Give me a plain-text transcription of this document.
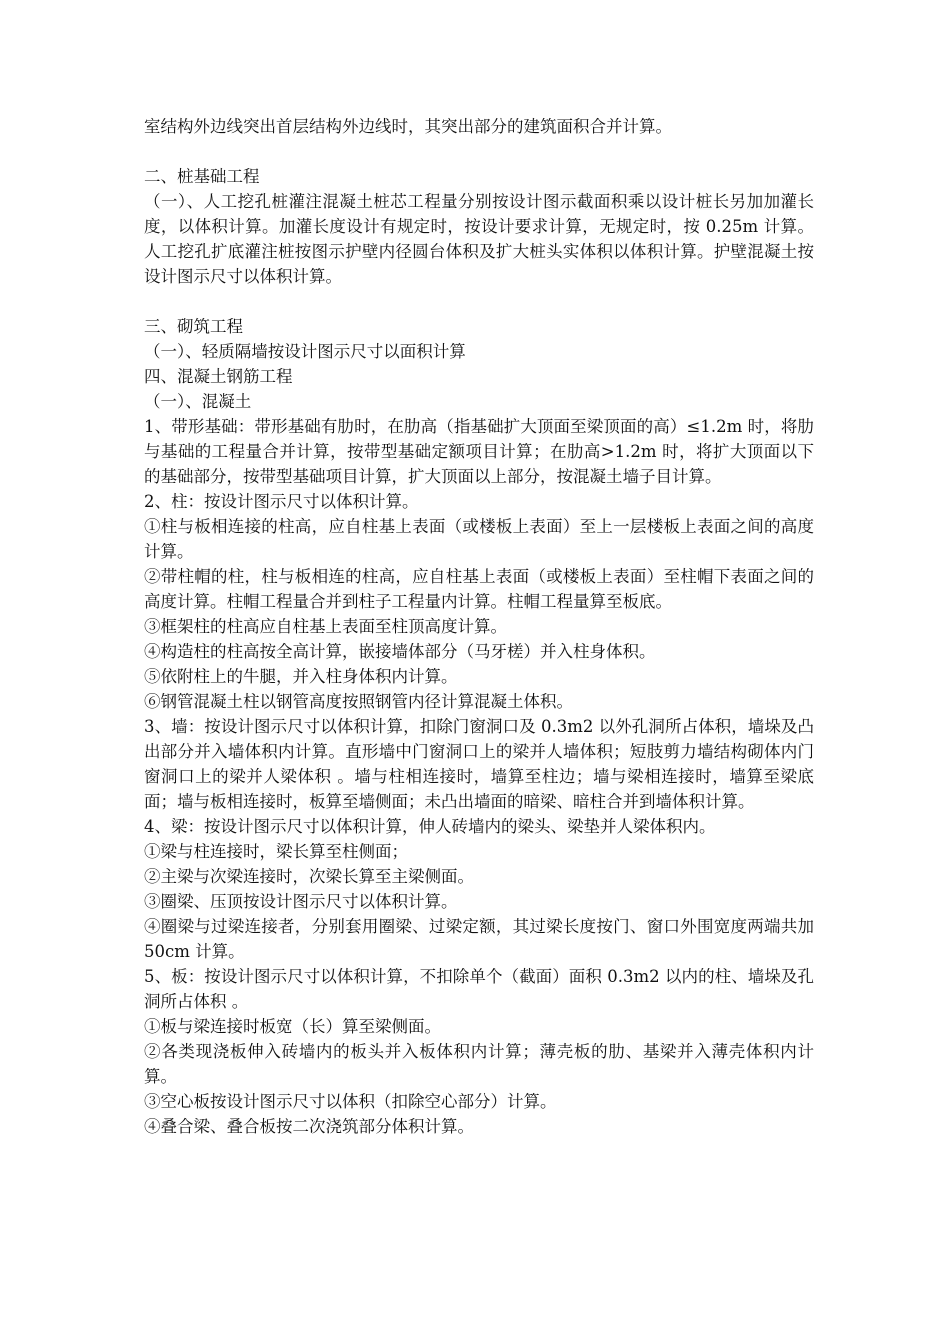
室结构外边线突出首层结构外边线时，其突出部分的建筑面积合并计算。

二、桩基础工程

（一）、人工挖孔桩灌注混凝土桩芯工程量分别按设计图示截面积乘以设计桩长另加加灌长度，以体积计算。加灌长度设计有规定时，按设计要求计算，无规定时，按 0.25m 计算。人工挖孔扩底灌注桩按图示护壁内径圆台体积及扩大桩头实体积以体积计算。护壁混凝土按设计图示尺寸以体积计算。

三、砌筑工程

（一）、轻质隔墙按设计图示尺寸以面积计算

四、混凝土钢筋工程

（一）、混凝土

1、带形基础：带形基础有肋时，在肋高（指基础扩大顶面至梁顶面的高）≤1.2m 时，将肋与基础的工程量合并计算，按带型基础定额项目计算；在肋高>1.2m 时，将扩大顶面以下的基础部分，按带型基础项目计算，扩大顶面以上部分，按混凝土墙子目计算。

2、柱：按设计图示尺寸以体积计算。

①柱与板相连接的柱高，应自柱基上表面（或楼板上表面）至上一层楼板上表面之间的高度计算。

②带柱帽的柱，柱与板相连的柱高，应自柱基上表面（或楼板上表面）至柱帽下表面之间的高度计算。柱帽工程量合并到柱子工程量内计算。柱帽工程量算至板底。

③框架柱的柱高应自柱基上表面至柱顶高度计算。

④构造柱的柱高按全高计算，嵌接墙体部分（马牙槎）并入柱身体积。

⑤依附柱上的牛腿，并入柱身体积内计算。

⑥钢管混凝土柱以钢管高度按照钢管内径计算混凝土体积。

3、墙：按设计图示尺寸以体积计算，扣除门窗洞口及 0.3m2 以外孔洞所占体积，墙垛及凸出部分并入墙体积内计算。直形墙中门窗洞口上的梁并人墙体积；短肢剪力墙结构砌体内门窗洞口上的梁并人梁体积 。墙与柱相连接时，墙算至柱边；墙与梁相连接时，墙算至梁底面；墙与板相连接时，板算至墙侧面；未凸出墙面的暗梁、暗柱合并到墙体积计算。

4、梁：按设计图示尺寸以体积计算，伸人砖墙内的梁头、梁垫并人梁体积内。

①梁与柱连接时，梁长算至柱侧面；

②主梁与次梁连接时，次梁长算至主梁侧面。

③圈梁、压顶按设计图示尺寸以体积计算。

④圈梁与过梁连接者，分别套用圈梁、过梁定额，其过梁长度按门、窗口外围宽度两端共加 50cm 计算。

5、板：按设计图示尺寸以体积计算，不扣除单个（截面）面积 0.3m2 以内的柱、墙垛及孔洞所占体积 。

①板与梁连接时板宽（长）算至梁侧面。

②各类现浇板伸入砖墙内的板头并入板体积内计算；薄壳板的肋、基梁并入薄壳体积内计算。

③空心板按设计图示尺寸以体积（扣除空心部分）计算。

④叠合梁、叠合板按二次浇筑部分体积计算。
